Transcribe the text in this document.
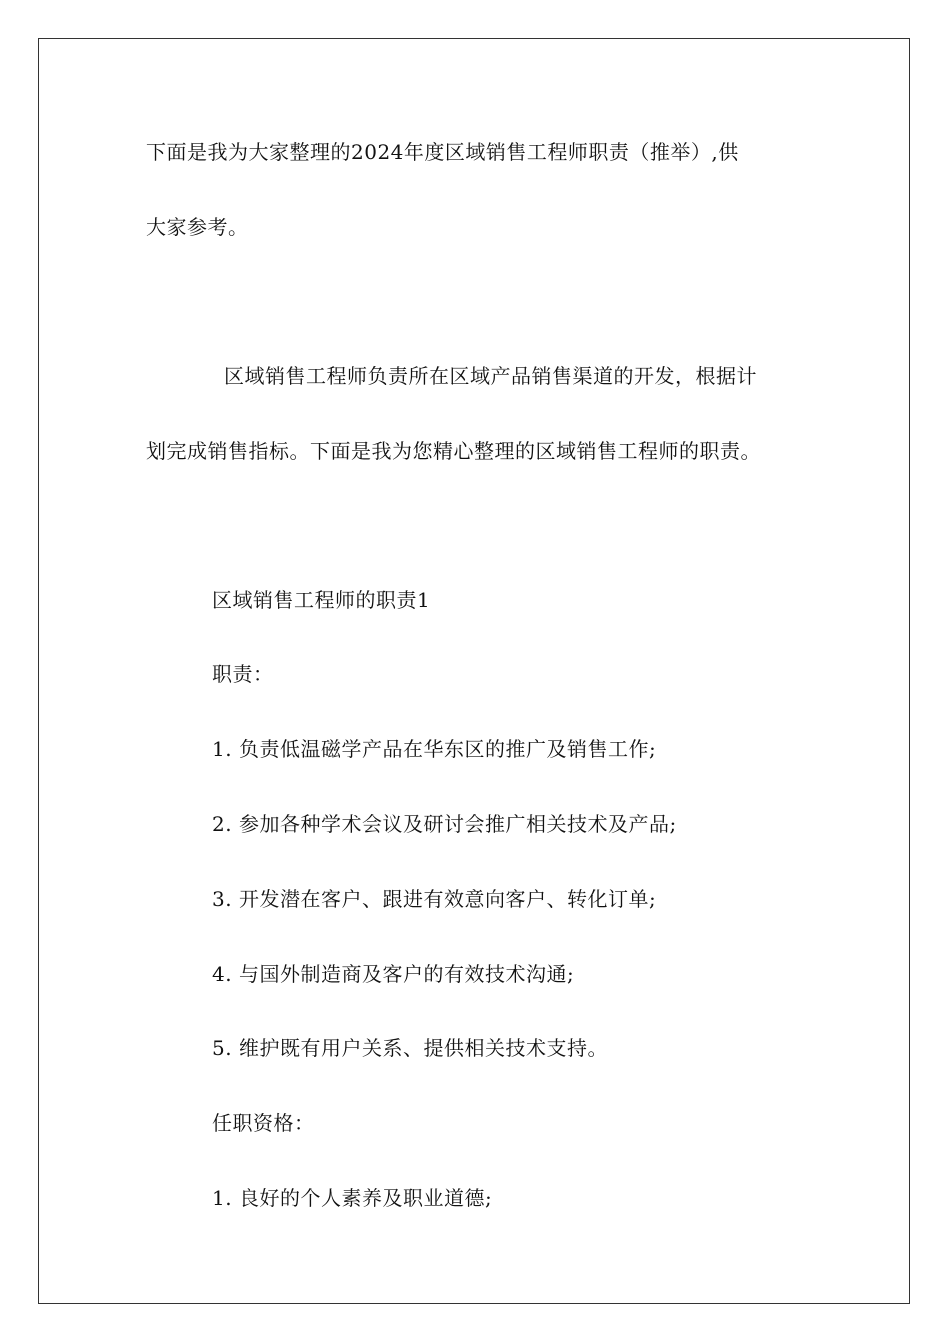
下面是我为大家整理的2024年度区域销售工程师职责（推举）,供
大家参考。
区域销售工程师负责所在区域产品销售渠道的开发，根据计
划完成销售指标。下面是我为您精心整理的区域销售工程师的职责。
区域销售工程师的职责1
职责：
1. 负责低温磁学产品在华东区的推广及销售工作;
2. 参加各种学术会议及研讨会推广相关技术及产品;
3. 开发潜在客户、跟进有效意向客户、转化订单;
4. 与国外制造商及客户的有效技术沟通;
5. 维护既有用户关系、提供相关技术支持。
任职资格：
1. 良好的个人素养及职业道德;
